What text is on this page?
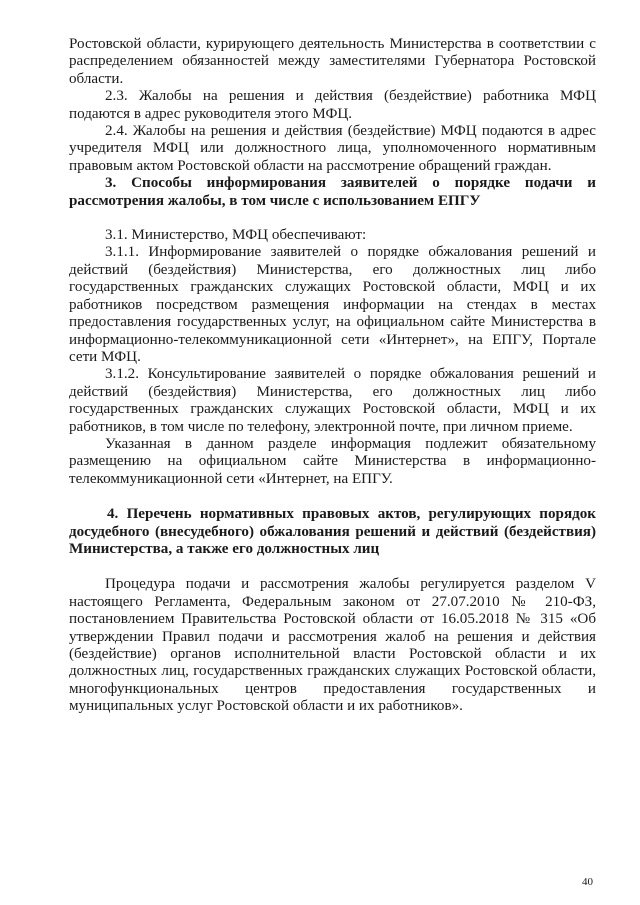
Ростовской области, курирующего деятельность Министерства в соответствии с распределением обязанностей между заместителями Губернатора Ростовской области.

2.3. Жалобы на решения и действия (бездействие) работника МФЦ подаются в адрес руководителя этого МФЦ.

2.4. Жалобы на решения и действия (бездействие) МФЦ подаются в адрес учредителя МФЦ или должностного лица, уполномоченного нормативным правовым актом Ростовской области на рассмотрение обращений граждан.

3. Способы информирования заявителей о порядке подачи и рассмотрения жалобы, в том числе с использованием ЕПГУ

3.1. Министерство, МФЦ обеспечивают:

3.1.1. Информирование заявителей о порядке обжалования решений и действий (бездействия) Министерства, его должностных лиц либо государственных гражданских служащих Ростовской области, МФЦ и их работников посредством размещения информации на стендах в местах предоставления государственных услуг, на официальном сайте Министерства в информационно-телекоммуникационной сети «Интернет», на ЕПГУ, Портале сети МФЦ.

3.1.2. Консультирование заявителей о порядке обжалования решений и действий (бездействия) Министерства, его должностных лиц либо государственных гражданских служащих Ростовской области, МФЦ и их работников, в том числе по телефону, электронной почте, при личном приеме.

Указанная в данном разделе информация подлежит обязательному размещению на официальном сайте Министерства в информационно-телекоммуникационной сети «Интернет, на ЕПГУ.

4. Перечень нормативных правовых актов, регулирующих порядок досудебного (внесудебного) обжалования решений и действий (бездействия) Министерства, а также его должностных лиц

Процедура подачи и рассмотрения жалобы регулируется разделом V настоящего Регламента, Федеральным законом от 27.07.2010 № 210-ФЗ, постановлением Правительства Ростовской области от 16.05.2018 № 315 «Об утверждении Правил подачи и рассмотрения жалоб на решения и действия (бездействие) органов исполнительной власти Ростовской области и их должностных лиц, государственных гражданских служащих Ростовской области, многофункциональных центров предоставления государственных и муниципальных услуг Ростовской области и их работников».

40
